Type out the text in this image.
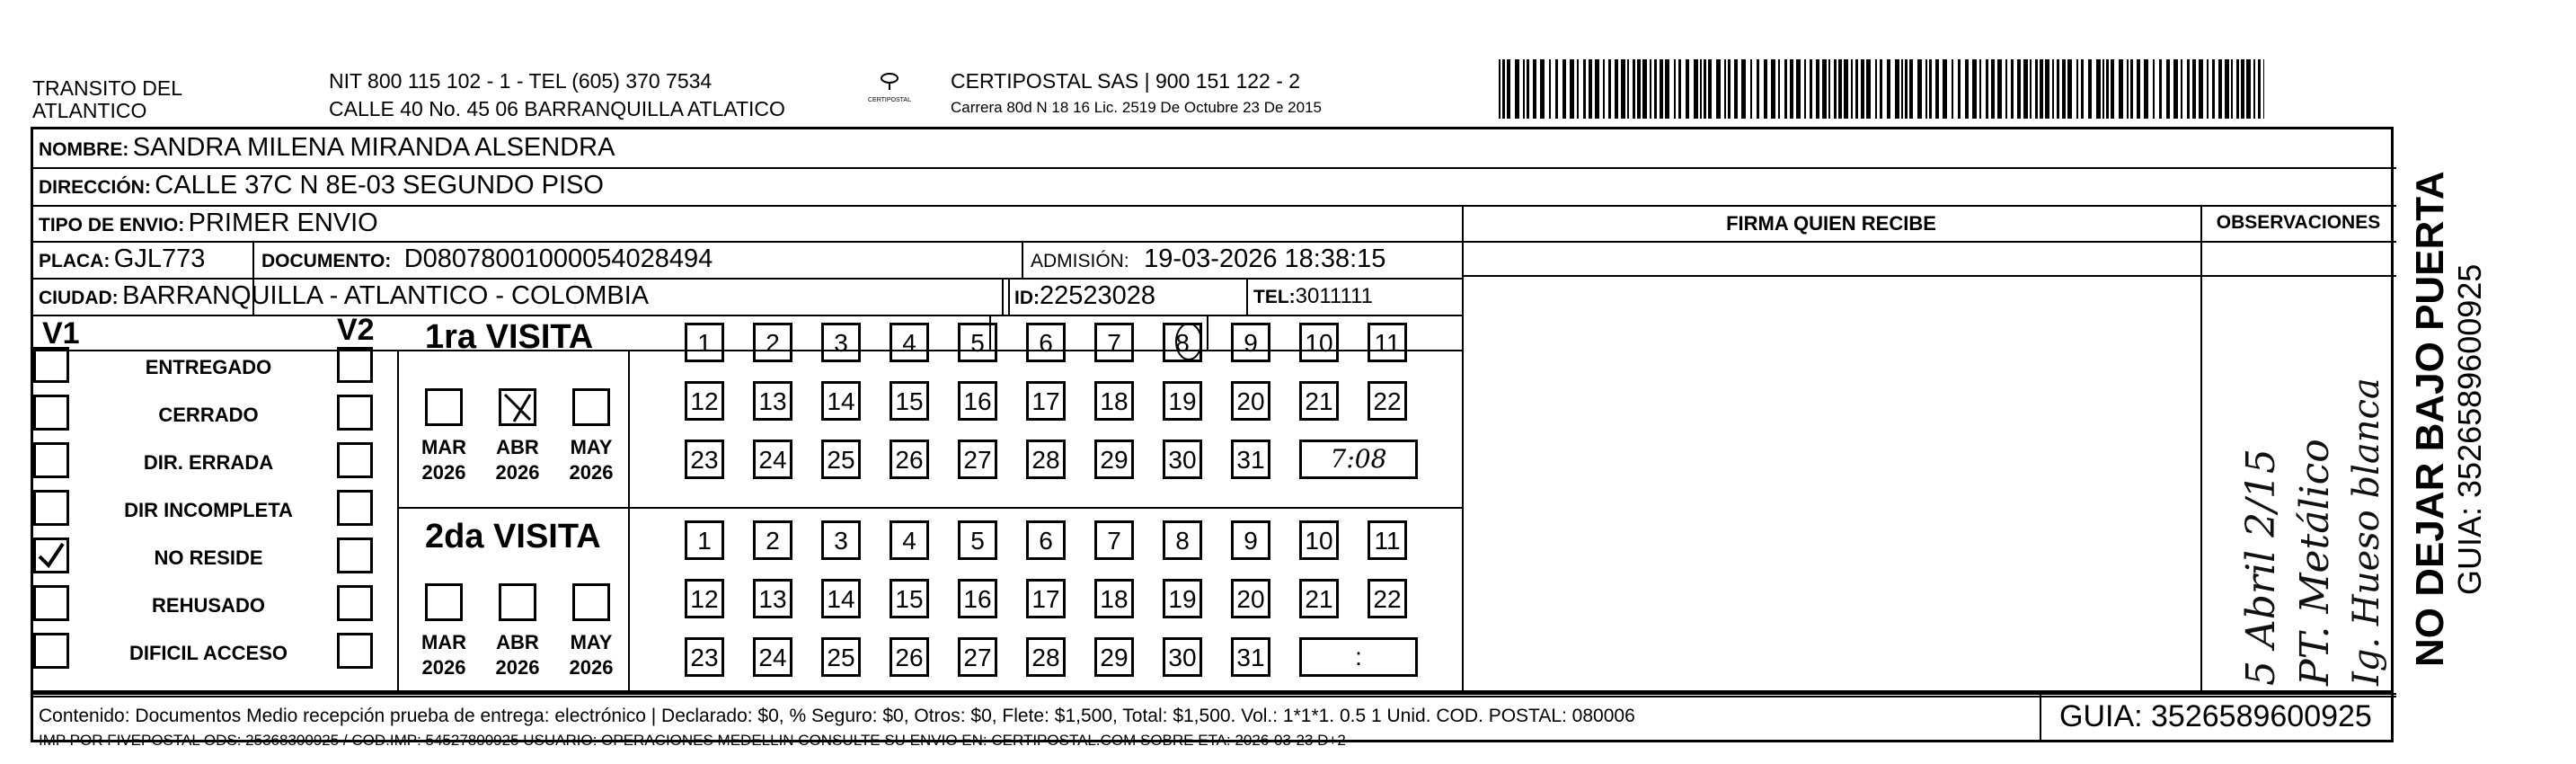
TRANSITO DEL
ATLANTICO
NIT 800 115 102 - 1 - TEL (605) 370 7534
CALLE 40 No. 45 06 BARRANQUILLA ATLATICO	CERTIPOSTAL
CERTIPOSTAL SAS | 900 151 122 - 2
Carrera 80d N 18 16 Lic. 2519 De Octubre 23 De 2015
NOMBRE: SANDRA MILENA MIRANDA ALSENDRA
DIRECCIÓN: CALLE 37C N 8E-03 SEGUNDO PISO
TIPO DE ENVIO: PRIMER ENVIO	FIRMA QUIEN RECIBE	OBSERVACIONES
PLACA: GJL773	DOCUMENTO: D08078001000054028494	ADMISIÓN: 19-03-2026 18:38:15
CIUDAD: BARRANQUILLA - ATLANTICO - COLOMBIA	ID:22523028	TEL:3011111
V1	V2
ENTREGADO
CERRADO
DIR. ERRADA
DIR INCOMPLETA
NO RESIDE
REHUSADO
DIFICIL ACCESO
1ra VISITA
MAR
2026
ABR
2026
MAY
2026
1	2	3	4	5	6	7	8	9	10 11
12 13 14 15 16 17 18 19 20 21 22
23 24 25 26 27 28 29 30 31	7:08
2da VISITA
MAR
2026
ABR
2026
MAY
2026
1	2	3	4	5	6	7	8	9	10 11
12 13 14 15 16 17 18 19 20 21 22
23 24 25 26 27 28 29 30 31	:	5 Abril 2/15 PT. Metálico Ig. Hueso blanca
Contenido: Documentos Medio recepción prueba de entrega: electrónico | Declarado: $0, % Seguro: $0, Otros: $0, Flete: $1,500, Total: $1,500. Vol.: 1*1*1. 0.5 1 Unid. COD. POSTAL: 080006
IMP POR FIVEPOSTAL ODS: 25368300925 / COD.IMP: 54527800925 USUARIO: OPERACIONES MEDELLIN CONSULTE SU ENVIO EN: CERTIPOSTAL.COM SOBRE ETA: 2026-03-23 D+2
GUIA: 3526589600925
NO DEJAR BAJO PUERTA GUIA: 3526589600925
